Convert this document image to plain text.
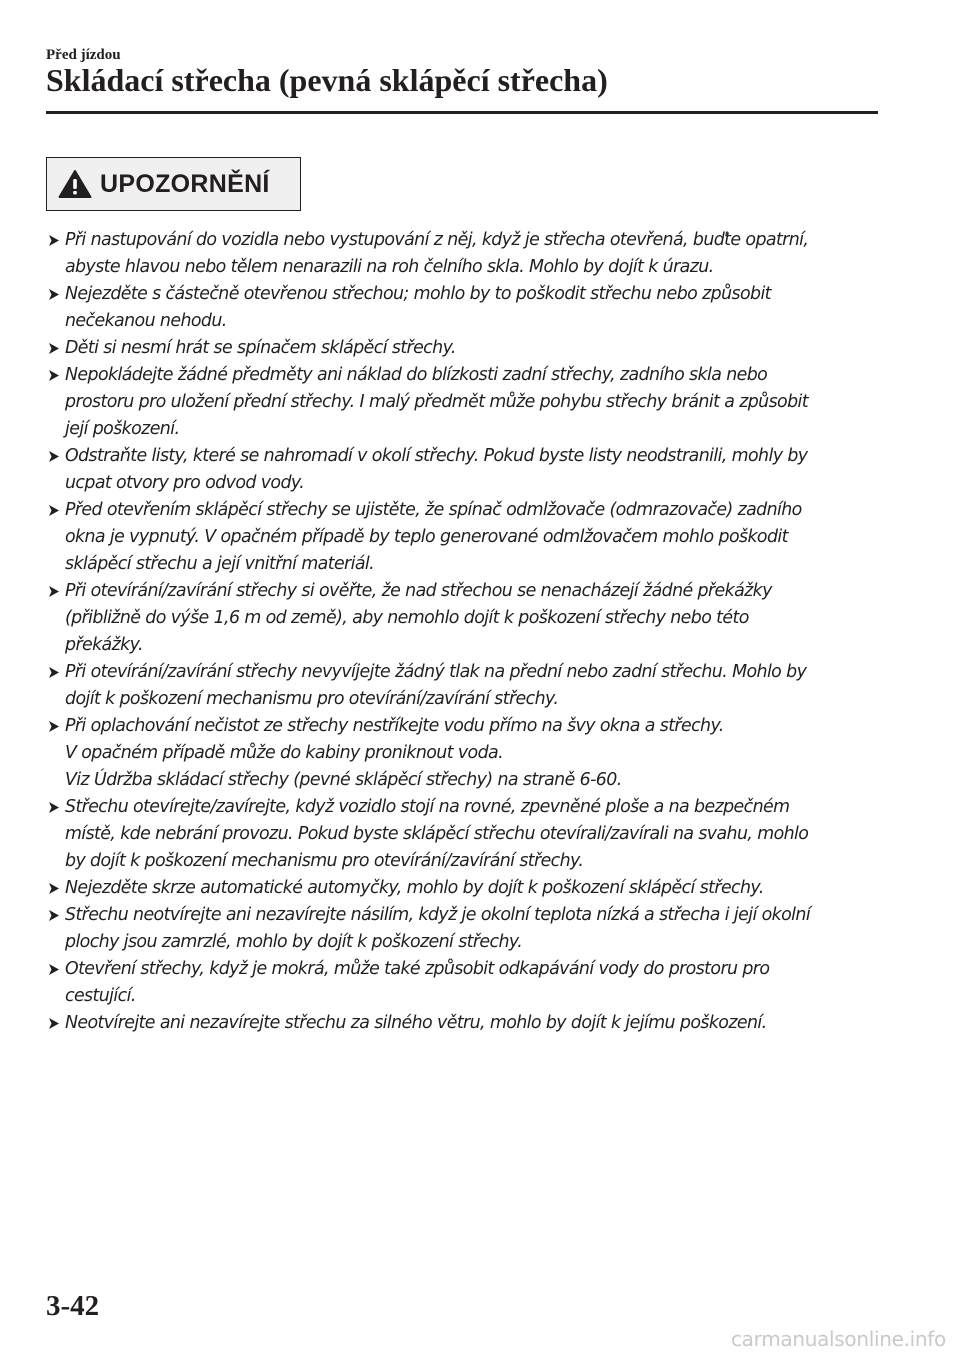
Před jízdou
Skládací střecha (pevná sklápěcí střecha)
UPOZORNĚNÍ
Při nastupování do vozidla nebo vystupování z něj, když je střecha otevřená, buďte opatrní,
abyste hlavou nebo tělem nenarazili na roh čelního skla. Mohlo by dojít k úrazu.
Nejezděte s částečně otevřenou střechou; mohlo by to poškodit střechu nebo způsobit
nečekanou nehodu.
Děti si nesmí hrát se spínačem sklápěcí střechy.
Nepokládejte žádné předměty ani náklad do blízkosti zadní střechy, zadního skla nebo
prostoru pro uložení přední střechy. I malý předmět může pohybu střechy bránit a způsobit
její poškození.
Odstraňte listy, které se nahromadí v okolí střechy. Pokud byste listy neodstranili, mohly by
ucpat otvory pro odvod vody.
Před otevřením sklápěcí střechy se ujistěte, že spínač odmlžovače (odmrazovače) zadního
okna je vypnutý. V opačném případě by teplo generované odmlžovačem mohlo poškodit
sklápěcí střechu a její vnitřní materiál.
Při otevírání/zavírání střechy si ověřte, že nad střechou se nenacházejí žádné překážky
(přibližně do výše 1,6 m od země), aby nemohlo dojít k poškození střechy nebo této
překážky.
Při otevírání/zavírání střechy nevyvíjejte žádný tlak na přední nebo zadní střechu. Mohlo by
dojít k poškození mechanismu pro otevírání/zavírání střechy.
Při oplachování nečistot ze střechy nestříkejte vodu přímo na švy okna a střechy.
V opačném případě může do kabiny proniknout voda.
Viz Údržba skládací střechy (pevné sklápěcí střechy) na straně 6-60.
Střechu otevírejte/zavírejte, když vozidlo stojí na rovné, zpevněné ploše a na bezpečném
místě, kde nebrání provozu. Pokud byste sklápěcí střechu otevírali/zavírali na svahu, mohlo
by dojít k poškození mechanismu pro otevírání/zavírání střechy.
Nejezděte skrze automatické automyčky, mohlo by dojít k poškození sklápěcí střechy.
Střechu neotvírejte ani nezavírejte násilím, když je okolní teplota nízká a střecha i její okolní
plochy jsou zamrzlé, mohlo by dojít k poškození střechy.
Otevření střechy, když je mokrá, může také způsobit odkapávání vody do prostoru pro
cestující.
Neotvírejte ani nezavírejte střechu za silného větru, mohlo by dojít k jejímu poškození.
3-42
carmanualsonline.info
